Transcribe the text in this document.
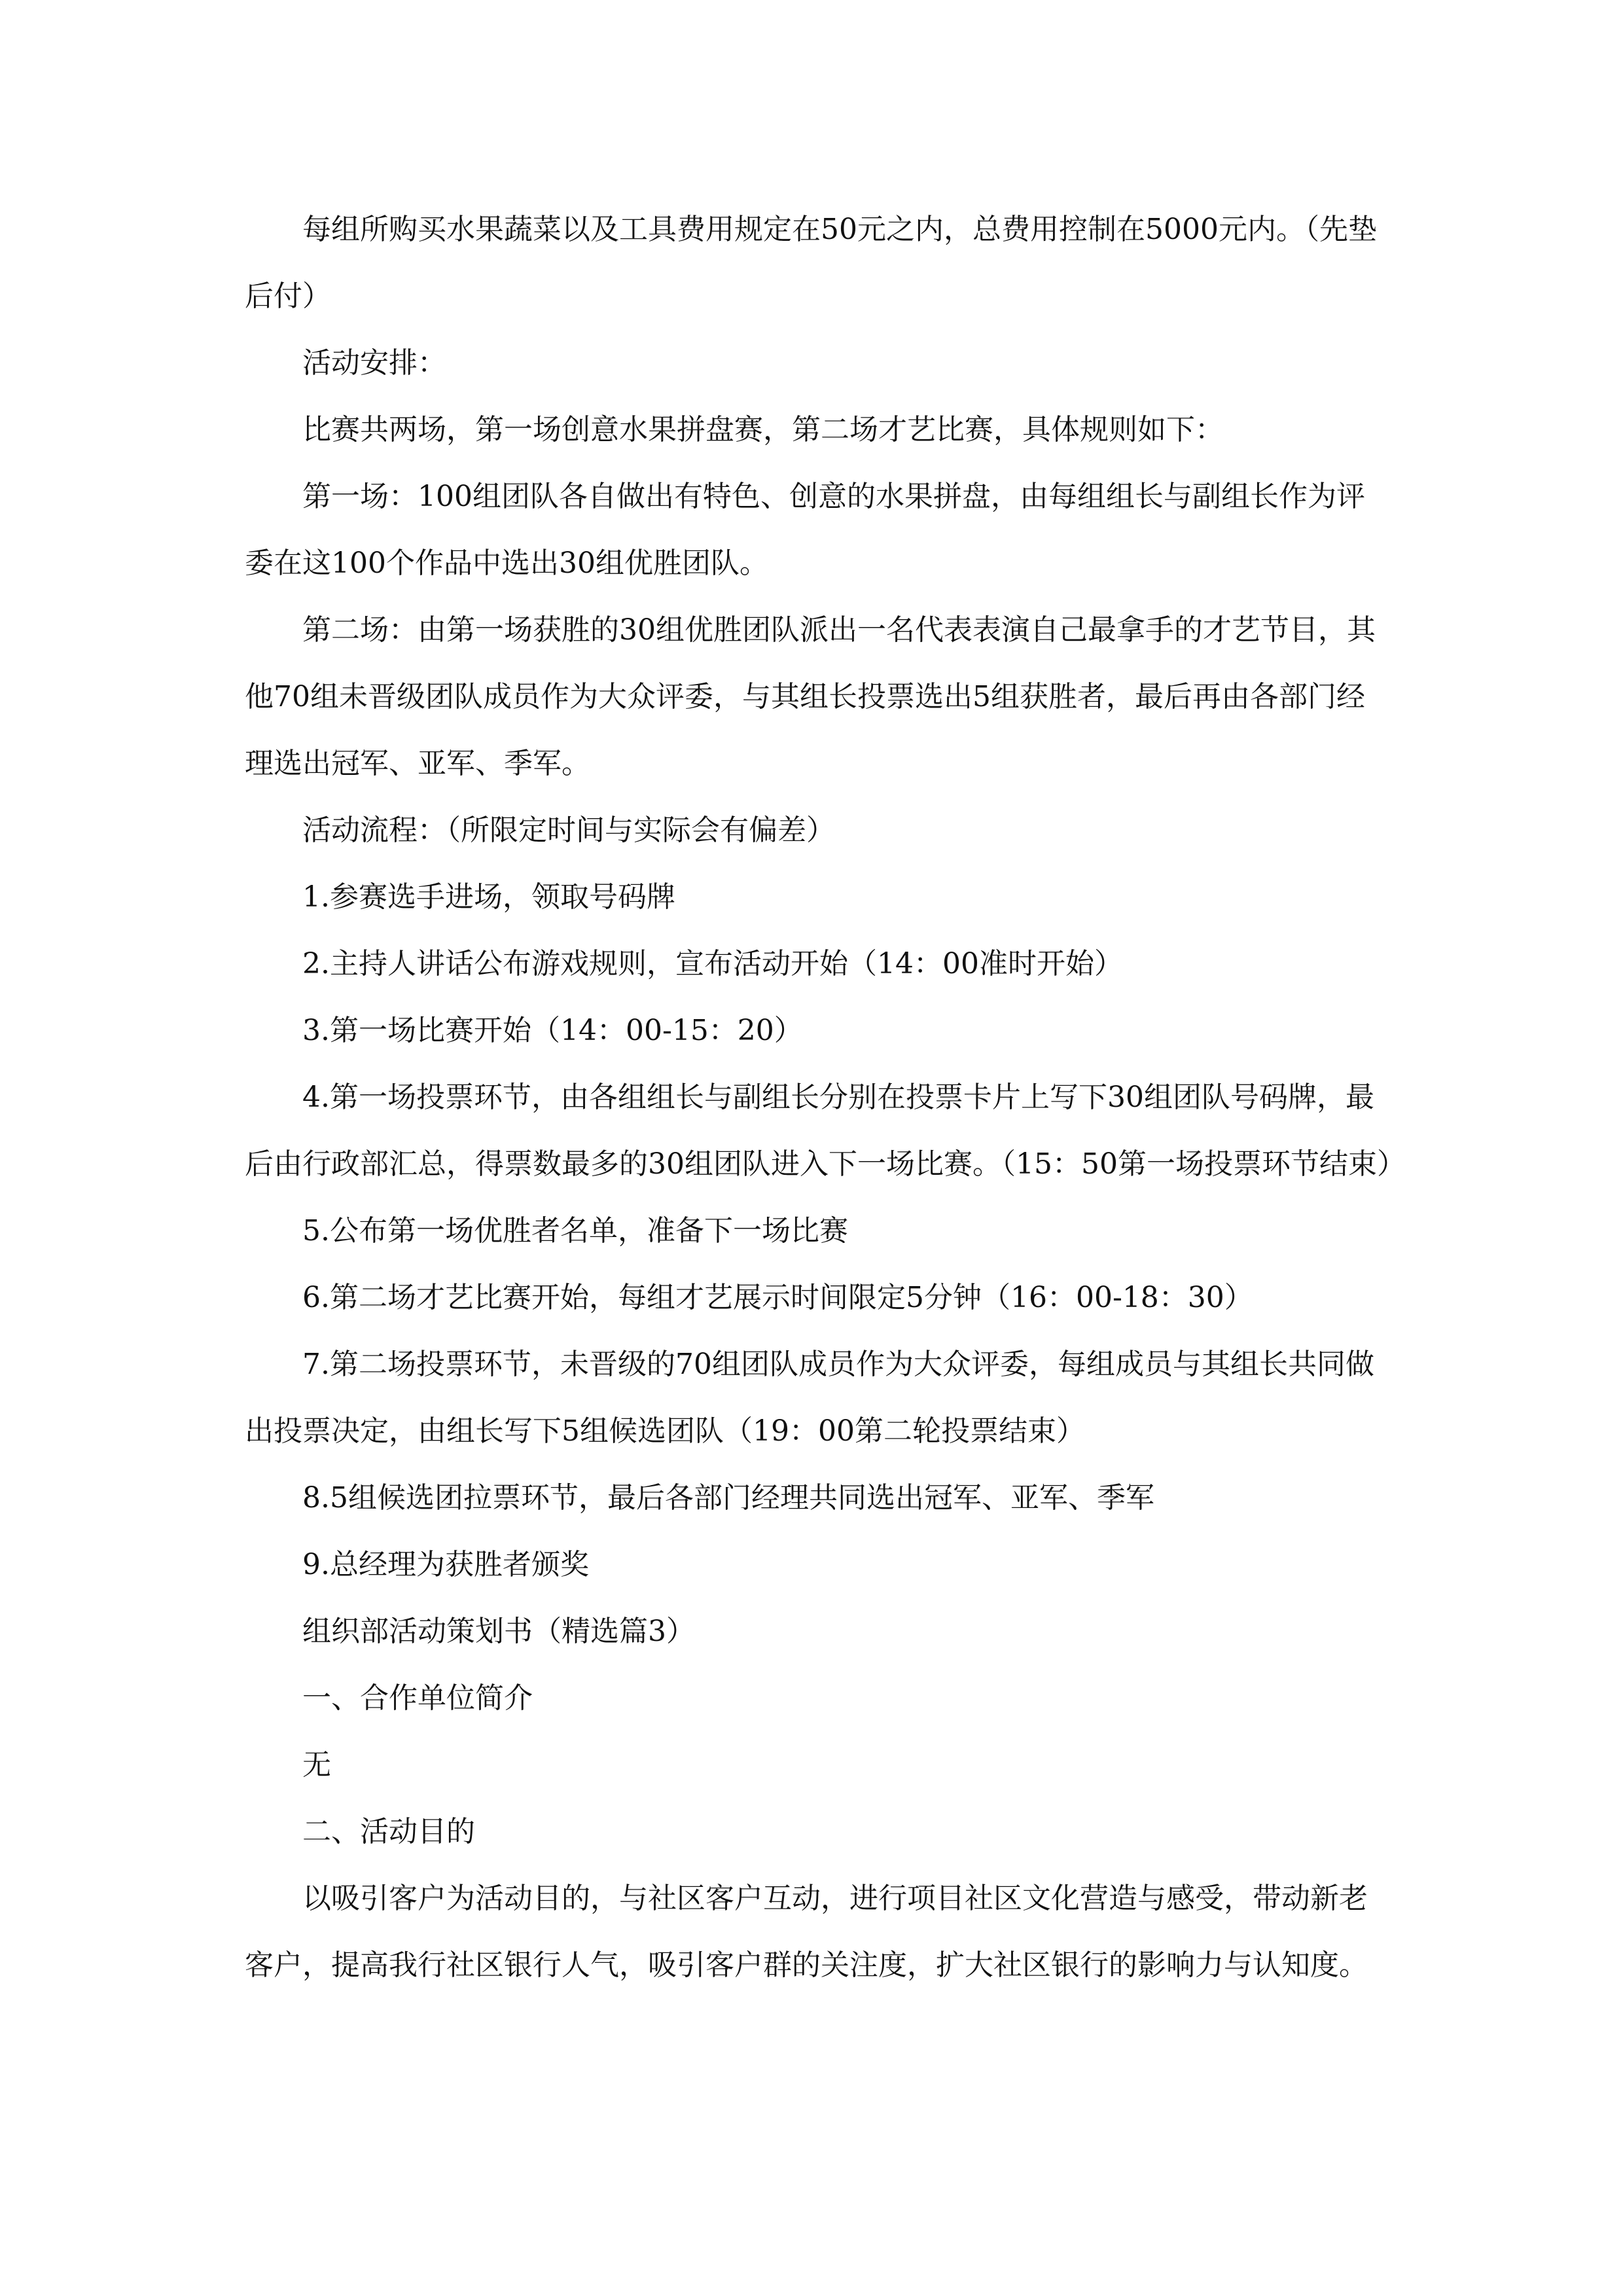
每组所购买水果蔬菜以及工具费用规定在50元之内，总费用控制在5000元内。（先垫后付）

活动安排：

比赛共两场，第一场创意水果拼盘赛，第二场才艺比赛，具体规则如下：

第一场：100组团队各自做出有特色、创意的水果拼盘，由每组组长与副组长作为评委在这100个作品中选出30组优胜团队。

第二场：由第一场获胜的30组优胜团队派出一名代表表演自己最拿手的才艺节目，其他70组未晋级团队成员作为大众评委，与其组长投票选出5组获胜者，最后再由各部门经理选出冠军、亚军、季军。

活动流程：（所限定时间与实际会有偏差）

1.参赛选手进场，领取号码牌

2.主持人讲话公布游戏规则，宣布活动开始（14：00准时开始）

3.第一场比赛开始（14：00-15：20）

4.第一场投票环节，由各组组长与副组长分别在投票卡片上写下30组团队号码牌，最后由行政部汇总，得票数最多的30组团队进入下一场比赛。（15：50第一场投票环节结束）

5.公布第一场优胜者名单，准备下一场比赛

6.第二场才艺比赛开始，每组才艺展示时间限定5分钟（16：00-18：30）

7.第二场投票环节，未晋级的70组团队成员作为大众评委，每组成员与其组长共同做出投票决定，由组长写下5组候选团队（19：00第二轮投票结束）

8.5组候选团拉票环节，最后各部门经理共同选出冠军、亚军、季军

9.总经理为获胜者颁奖

组织部活动策划书（精选篇3）

一、合作单位简介

无

二、活动目的

以吸引客户为活动目的，与社区客户互动，进行项目社区文化营造与感受，带动新老客户，提高我行社区银行人气，吸引客户群的关注度，扩大社区银行的影响力与认知度。
